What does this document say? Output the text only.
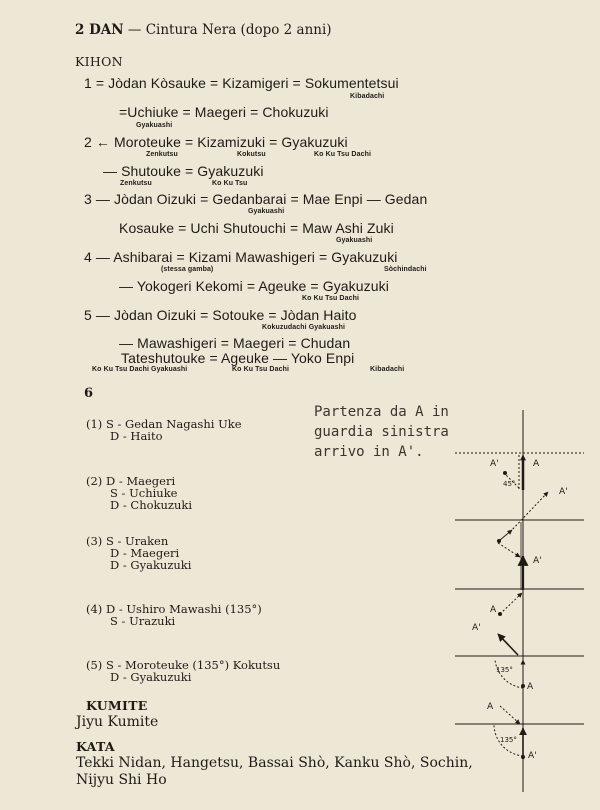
2 DAN — Cintura Nera (dopo 2 anni)
KIHON
1 = Jòdan Kòsauke = Kizamigeri = Sokumentetsui
Kibadachi
=Uchiuke = Maegeri = Chokuzuki
Gyakuashi
2 ← Moroteuke = Kizamizuki = Gyakuzuki
Zenkutsu	Kokutsu	Ko Ku Tsu Dachi
— Shutouke = Gyakuzuki
Zenkutsu	Ko Ku Tsu
3 — Jòdan Oizuki = Gedanbarai = Mae Enpi — Gedan
Gyakuashi
Kosauke = Uchi Shutouchi = Maw Ashi Zuki
Gyakuashi
4 — Ashibarai = Kizami Mawashigeri = Gyakuzuki
(stessa gamba)	Sòchindachi
— Yokogeri Kekomi = Ageuke = Gyakuzuki
Ko Ku Tsu Dachi
5 — Jòdan Oizuki = Sotouke = Jòdan Haito
Kokuzudachi Gyakuashi
— Mawashigeri = Maegeri = Chudan
Tateshutouke = Ageuke — Yoko Enpi
Ko Ku Tsu Dachi Gyakuashi	Ko Ku Tsu Dachi	Kibadachi
6
Partenza da A in
guardia sinistra
arrivo in A'.
(1) S - Gedan Nagashi Uke
D - Haito
(2) D - Maegeri
S - Uchiuke
D - Chokuzuki
(3) S - Uraken
D - Maegeri
D - Gyakuzuki
(4) D - Ushiro Mawashi (135°)
S - Urazuki
(5) S - Moroteuke (135°) Kokutsu
D - Gyakuzuki
KUMITE
Jiyu Kumite
KATA
Tekki Nidan, Hangetsu, Bassai Shò, Kanku Shò, Sochin,
Nijyu Shi Ho
A'	A
45°
A'
A'
A
A'
135°
A
A
135°
A'
